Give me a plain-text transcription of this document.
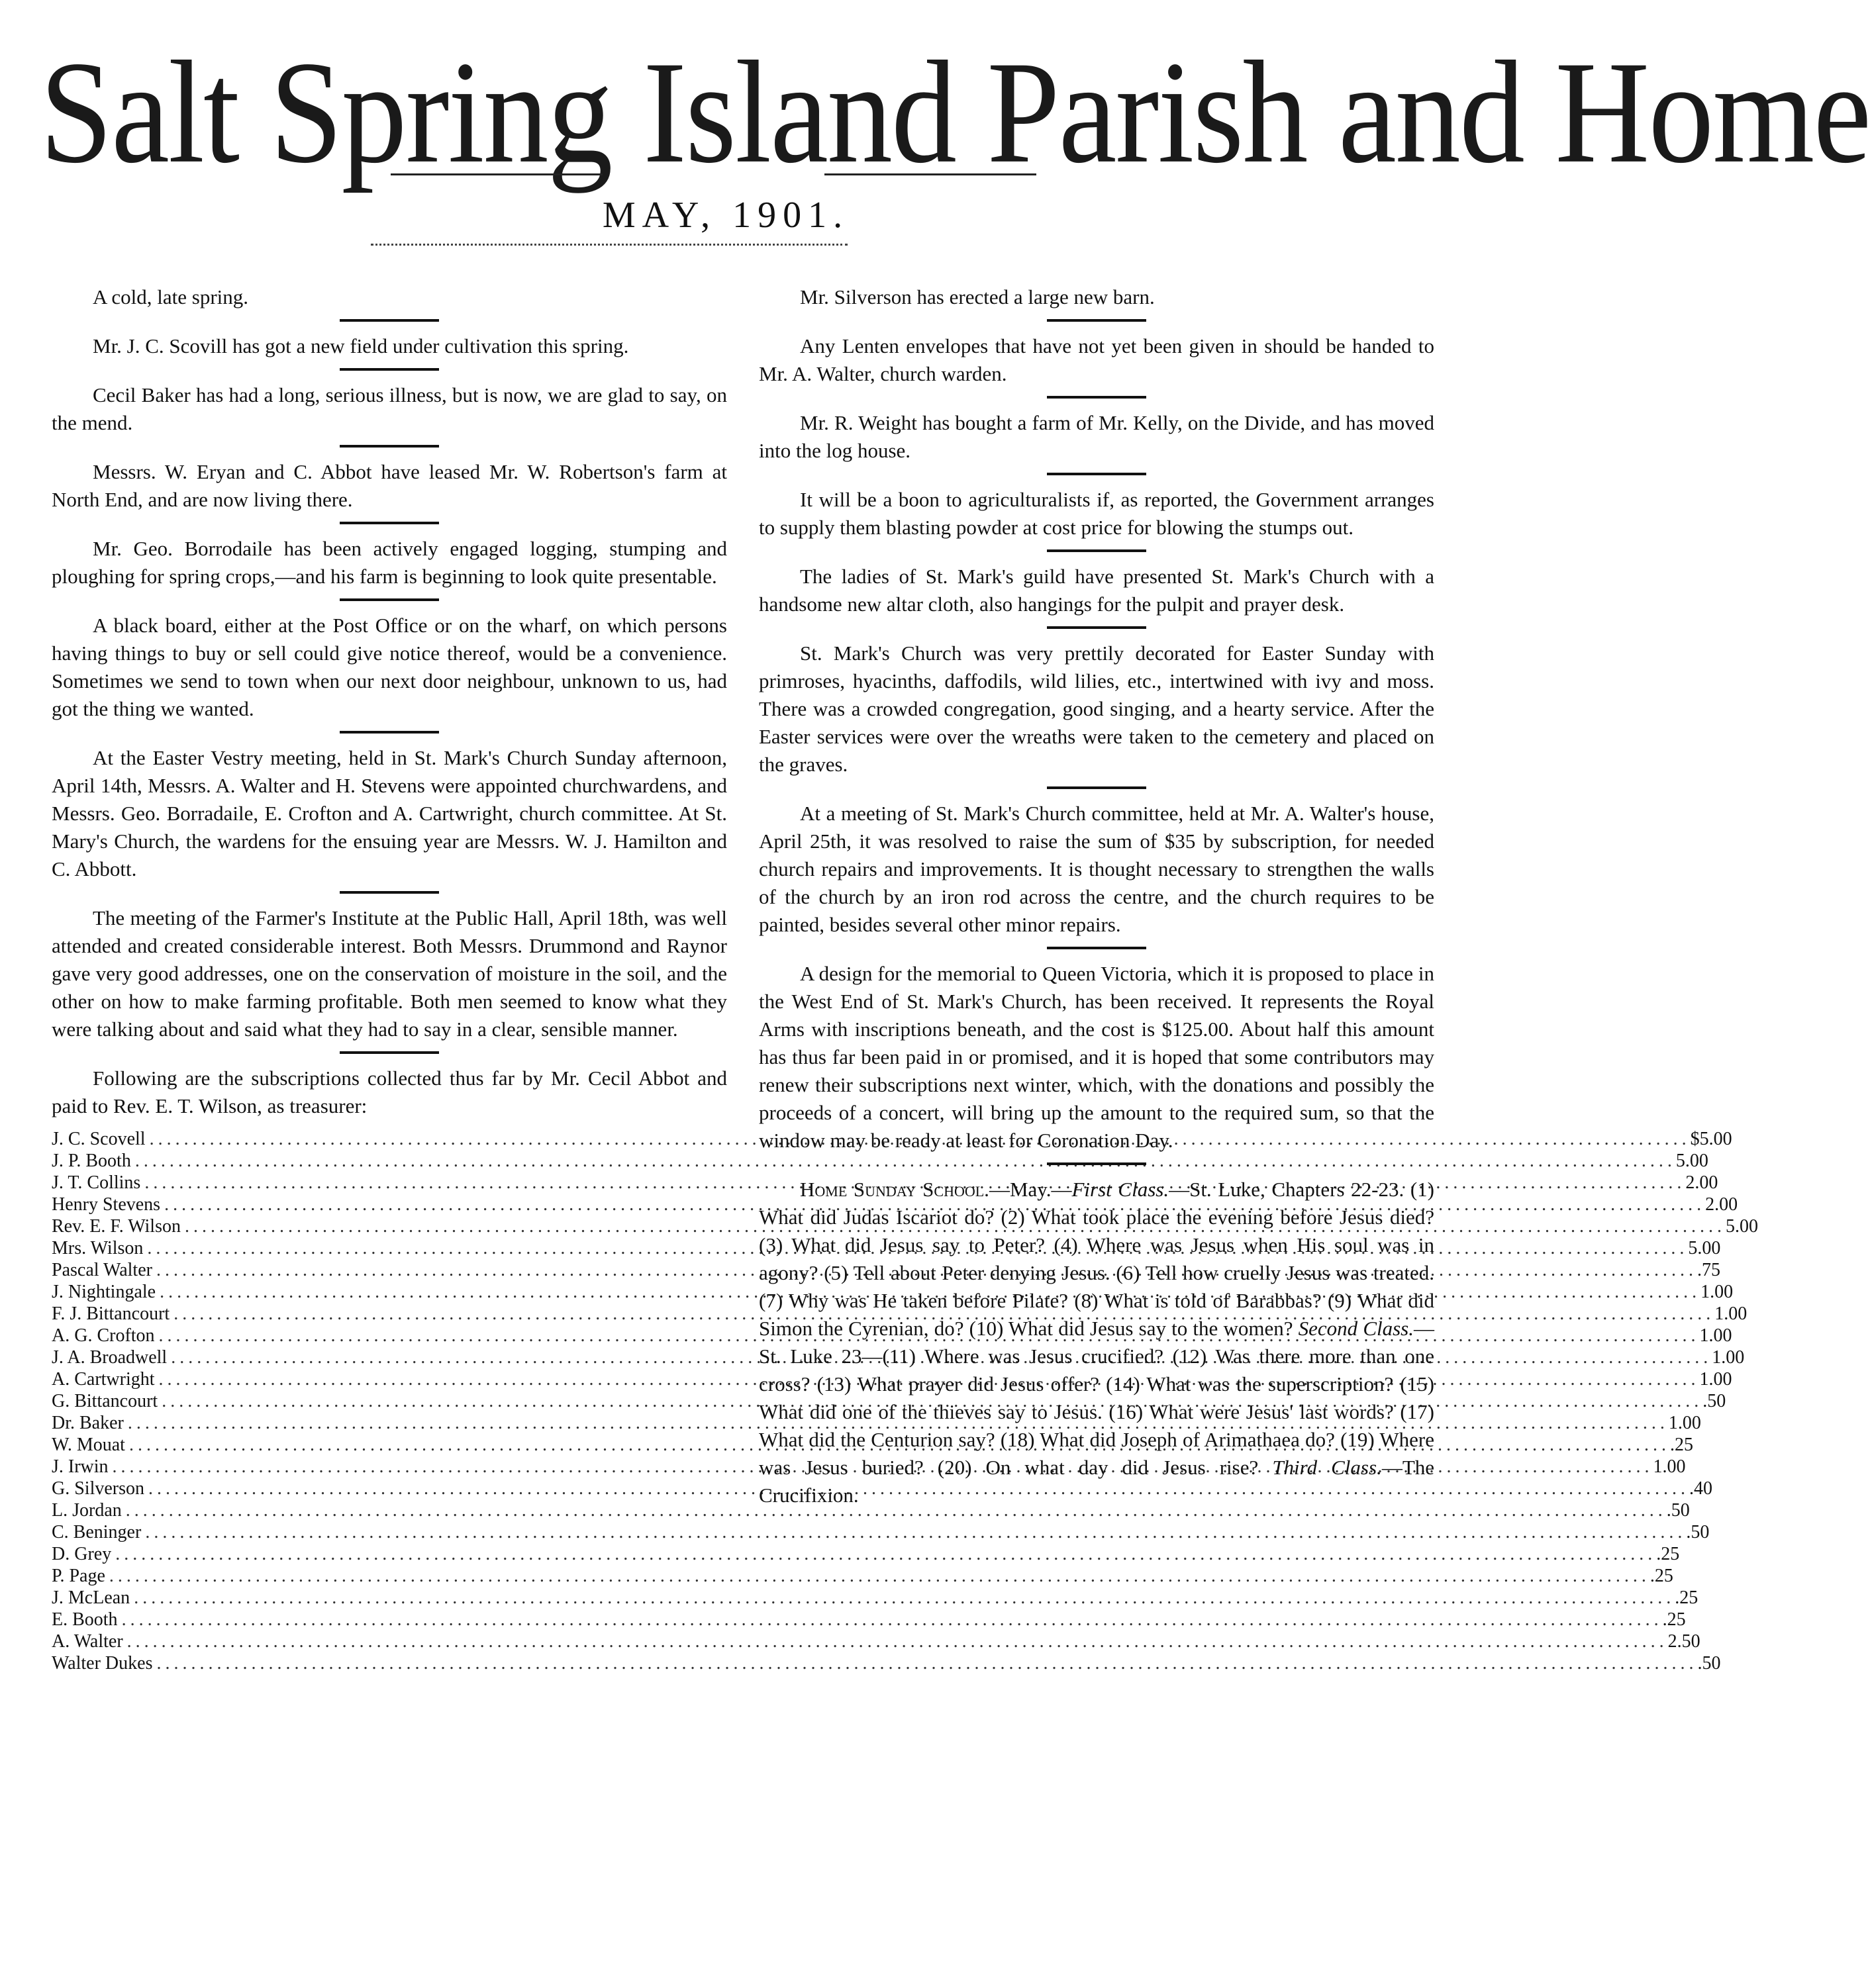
Salt Spring Island Parish and Home
MAY, 1901.

A cold, late spring.

Mr. J. C. Scovill has got a new field under cultivation this spring.

Cecil Baker has had a long, serious illness, but is now, we are glad to say, on the mend.

Messrs. W. Eryan and C. Abbot have leased Mr. W. Robertson's farm at North End, and are now living there.

Mr. Geo. Borrodaile has been actively engaged logging, stumping and ploughing for spring crops,—and his farm is beginning to look quite presentable.

A black board, either at the Post Office or on the wharf, on which persons having things to buy or sell could give notice thereof, would be a convenience. Sometimes we send to town when our next door neighbour, unknown to us, had got the thing we wanted.

At the Easter Vestry meeting, held in St. Mark's Church Sunday afternoon, April 14th, Messrs. A. Walter and H. Stevens were appointed churchwardens, and Messrs. Geo. Borradaile, E. Crofton and A. Cartwright, church committee. At St. Mary's Church, the wardens for the ensuing year are Messrs. W. J. Hamilton and C. Abbott.

The meeting of the Farmer's Institute at the Public Hall, April 18th, was well attended and created considerable interest. Both Messrs. Drummond and Raynor gave very good addresses, one on the conservation of moisture in the soil, and the other on how to make farming profitable. Both men seemed to know what they were talking about and said what they had to say in a clear, sensible manner.

Following are the subscriptions collected thus far by Mr. Cecil Abbot and paid to Rev. E. T. Wilson, as treasurer:

J. C. Scovell .....	$5.00
J. P. Booth .....	5.00
J. T. Collins .....	2.00
Henry Stevens .....	2.00
Rev. E. F. Wilson .....	5.00
Mrs. Wilson .....	5.00
Pascal Walter .....	.75
J. Nightingale .....	1.00
F. J. Bittancourt .....	1.00
A. G. Crofton .....	1.00
J. A. Broadwell .....	1.00
A. Cartwright .....	1.00
G. Bittancourt .....	.50
Dr. Baker .....	1.00
W. Mouat .....	.25
J. Irwin .....	1.00
G. Silverson .....	.40
L. Jordan .....	.50
C. Beninger .....	.50
D. Grey .....	.25
P. Page .....	.25
J. McLean .....	.25
E. Booth .....	.25
A. Walter .....	2.50
Walter Dukes .....	.50

Mr. Silverson has erected a large new barn.

Any Lenten envelopes that have not yet been given in should be handed to Mr. A. Walter, church warden.

Mr. R. Weight has bought a farm of Mr. Kelly, on the Divide, and has moved into the log house.

It will be a boon to agriculturalists if, as reported, the Government arranges to supply them blasting powder at cost price for blowing the stumps out.

The ladies of St. Mark's guild have presented St. Mark's Church with a handsome new altar cloth, also hangings for the pulpit and prayer desk.

St. Mark's Church was very prettily decorated for Easter Sunday with primroses, hyacinths, daffodils, wild lilies, etc., intertwined with ivy and moss. There was a crowded congregation, good singing, and a hearty service. After the Easter services were over the wreaths were taken to the cemetery and placed on the graves.

At a meeting of St. Mark's Church committee, held at Mr. A. Walter's house, April 25th, it was resolved to raise the sum of $35 by subscription, for needed church repairs and improvements. It is thought necessary to strengthen the walls of the church by an iron rod across the centre, and the church requires to be painted, besides several other minor repairs.

A design for the memorial to Queen Victoria, which it is proposed to place in the West End of St. Mark's Church, has been received. It represents the Royal Arms with inscriptions beneath, and the cost is $125.00. About half this amount has thus far been paid in or promised, and it is hoped that some contributors may renew their subscriptions next winter, which, with the donations and possibly the proceeds of a concert, will bring up the amount to the required sum, so that the window may be ready at least for Coronation Day.

Home Sunday School.—May.—First Class.—St. Luke, Chapters 22-23. (1) What did Judas Iscariot do? (2) What took place the evening before Jesus died? (3) What did Jesus say to Peter? (4) Where was Jesus when His soul was in agony? (5) Tell about Peter denying Jesus. (6) Tell how cruelly Jesus was treated. (7) Why was He taken before Pilate? (8) What is told of Barabbas? (9) What did Simon the Cyrenian, do? (10) What did Jesus say to the women? Second Class.—St. Luke 23—(11) Where was Jesus crucified? (12) Was there more than one cross? (13) What prayer did Jesus offer? (14) What was the superscription? (15) What did one of the thieves say to Jesus. (16) What were Jesus' last words? (17) What did the Centurion say? (18) What did Joseph of Arimathaea do? (19) Where was Jesus buried? (20) On what day did Jesus rise? Third Class.—The Crucifixion.
